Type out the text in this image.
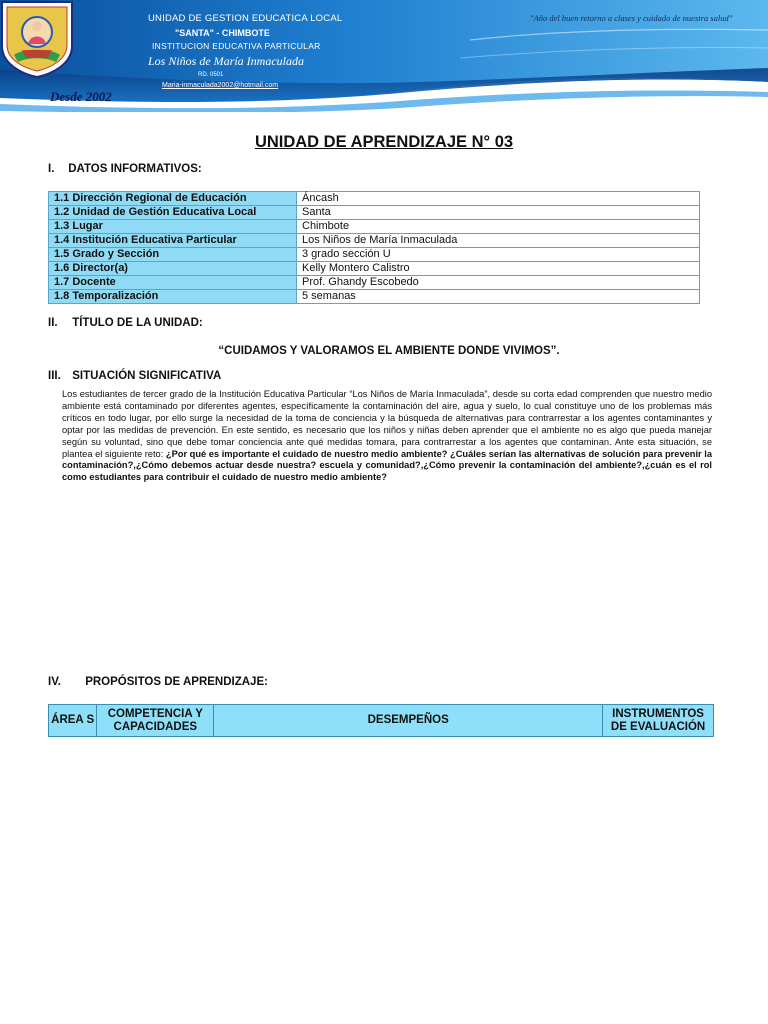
Desde 2002
UNIDAD DE GESTION EDUCATICA LOCAL
"SANTA" - CHIMBOTE
INSTITUCION EDUCATIVA PARTICULAR
Los Niños de María Inmaculada
RD. 0501
Maria-inmaculada2002@hotmail.com
"Año del buen retorno a clases y cuidado de nuestra salud"
UNIDAD DE APRENDIZAJE N° 03
I. DATOS INFORMATIVOS:
1.1 Dirección Regional de Educación	Áncash
1.2 Unidad de Gestión Educativa Local	Santa
1.3 Lugar	Chimbote
1.4 Institución Educativa Particular	Los Niños de María Inmaculada
1.5 Grado y Sección	3 grado sección U
1.6 Director(a)	Kelly Montero Calistro
1.7 Docente	Prof. Ghandy Escobedo
1.8 Temporalización	5 semanas
II. TÍTULO DE LA UNIDAD:
“CUIDAMOS Y VALORAMOS EL AMBIENTE DONDE VIVIMOS”.
III. SITUACIÓN SIGNIFICATIVA
Los estudiantes de tercer grado de la Institución Educativa Particular “Los Niños de María Inmaculada”, desde su corta edad comprenden que nuestro medio ambiente está contaminado por diferentes agentes, específicamente la contaminación del aire, agua y suelo, lo cual constituye uno de los problemas más críticos en todo lugar, por ello surge la necesidad de la toma de conciencia y la búsqueda de alternativas para contrarrestar a los agentes contaminantes y optar por las medidas de prevención. En este sentido, es necesario que los niños y niñas deben aprender que el ambiente no es algo que pueda manejar según su voluntad, sino que debe tomar conciencia ante qué medidas tomara, para contrarrestar a los agentes que contaminan. Ante esta situación, se plantea el siguiente reto: ¿Por qué es importante el cuidado de nuestro medio ambiente? ¿Cuáles serían las alternativas de solución para prevenir la contaminación?,¿Cómo debemos actuar desde nuestra? escuela y comunidad?,¿Cómo prevenir la contaminación del ambiente?,¿cuán es el rol como estudiantes para contribuir el cuidado de nuestro medio ambiente?
IV. PROPÓSITOS DE APRENDIZAJE:
ÁREA S	COMPETENCIA Y CAPACIDADES	DESEMPEÑOS	INSTRUMENTOS DE EVALUACIÓN
